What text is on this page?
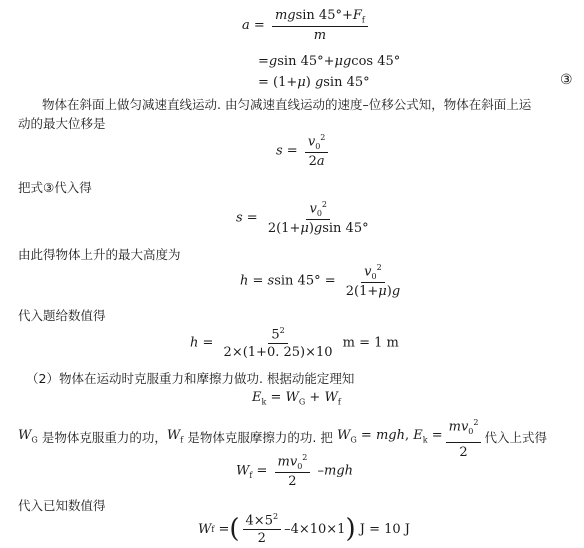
$a = \frac{mgsin 45^\circ+F_f}{m}$
=gsin 45°+μgcos 45°
= (1+μ) gsin 45°	③
物体在斜面上做匀减速直线运动. 由匀减速直线运动的速度–位移公式知，物体在斜面上运
动的最大位移是
$s = \frac{v_0^2}{2a}$
把式③代入得
$s = \frac{v_0^2}{2(1+\mu)gsin 45^\circ}$
由此得物体上升的最大高度为
h = ssin $45^\circ = \frac{v_0^2}{2(1+\mu)g}$
代入题给数值得
$h = \frac{5^2}{2\times(1+0. 25)\times 10}$ m = 1 m
（2）物体在运动时克服重力和摩擦力做功. 根据动能定理知
$E_k = W_G + W_f$
$W_G$ 是物体克服重力的功， $W_f$ 是物体克服摩擦力的功. 把 $W_G$ = mgh, $E_k = \frac{mv_0^2}{2}$ 代入上式得
$W_f = \frac{mv_0^2}{2} -mgh$
代入已知数值得
W f = ( $\frac{4\times 5^2}{2} -4\times 10\times 1$ ) J = 10 J
